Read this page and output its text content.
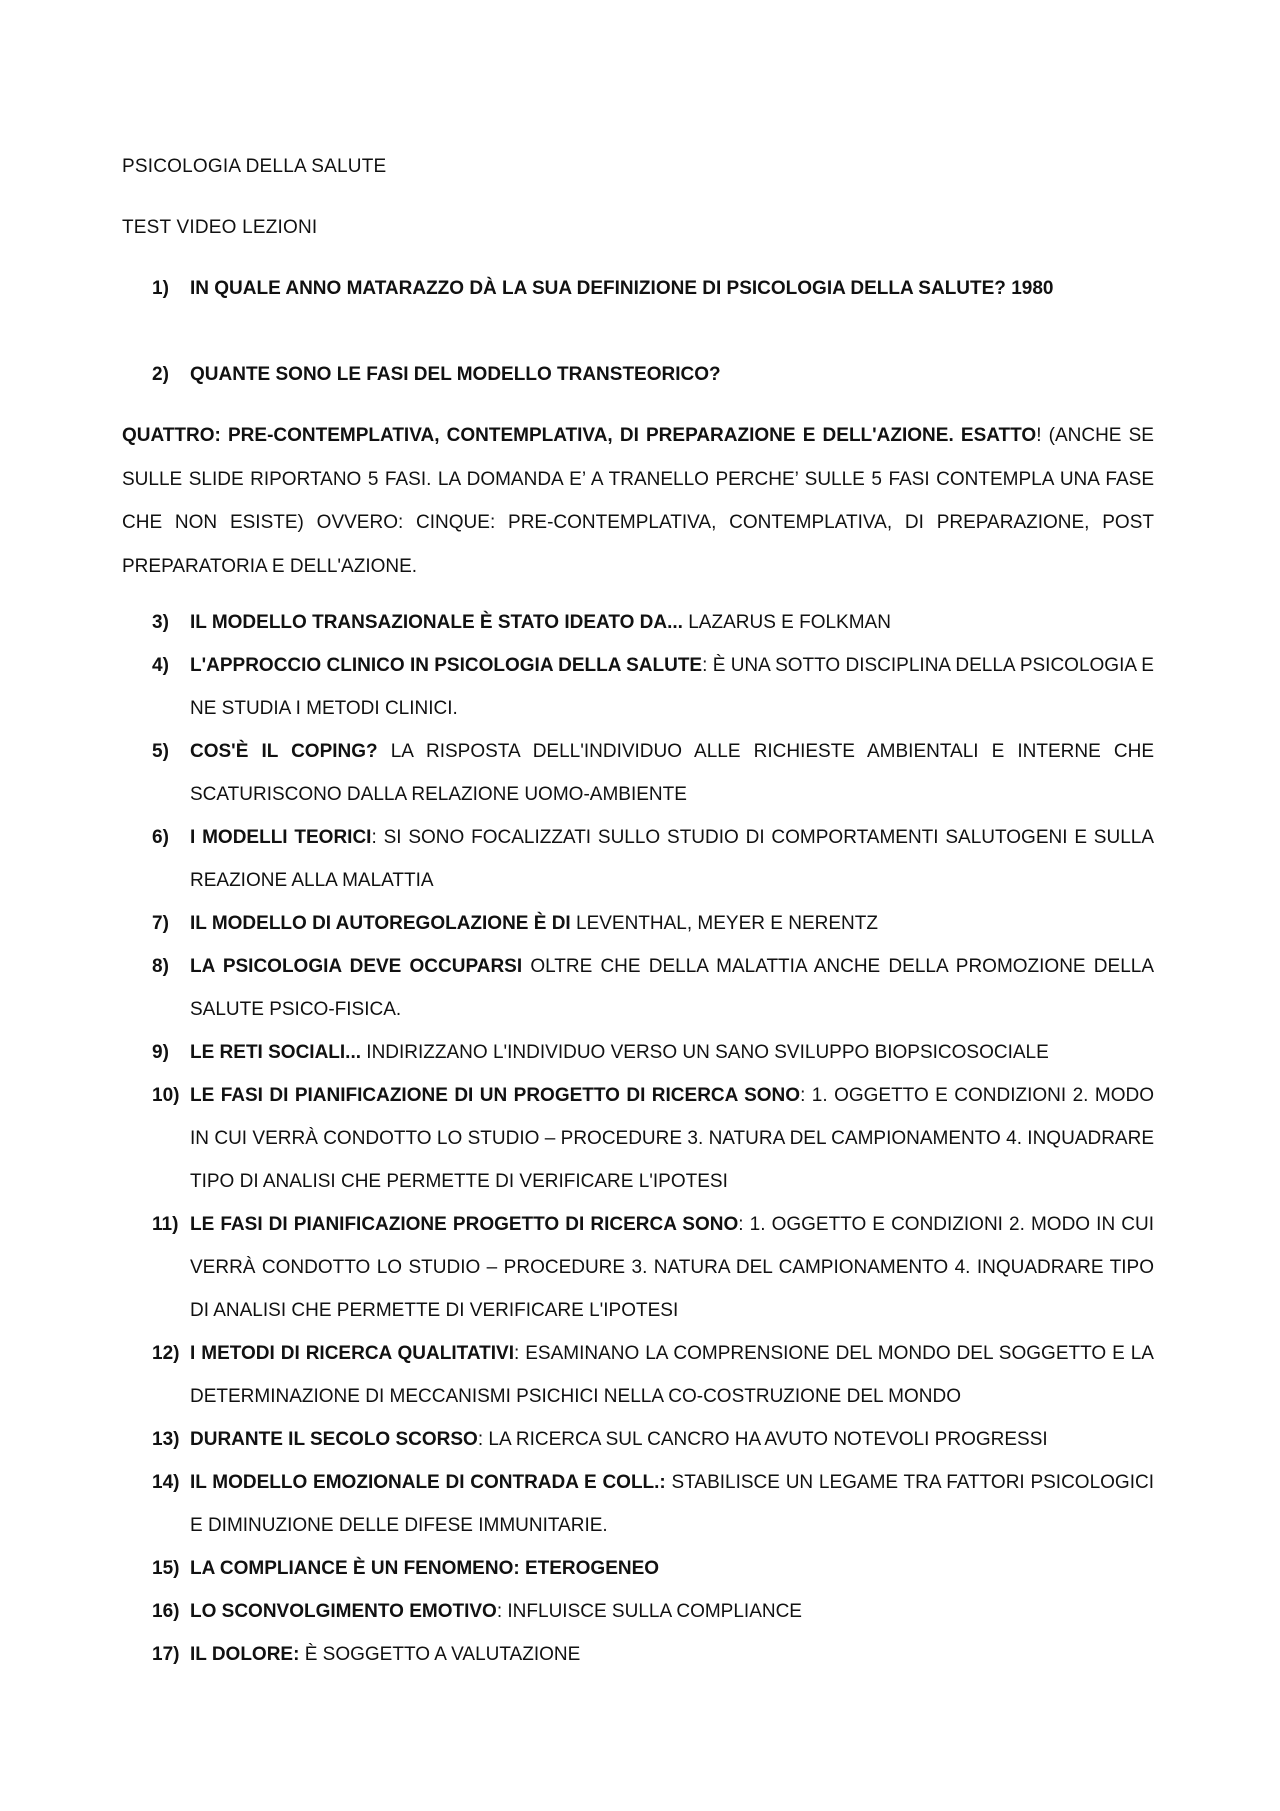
PSICOLOGIA DELLA SALUTE
TEST VIDEO LEZIONI
1) IN QUALE ANNO MATARAZZO DÀ LA SUA DEFINIZIONE DI PSICOLOGIA DELLA SALUTE? 1980
2) QUANTE SONO LE FASI DEL MODELLO TRANSTEORICO?
QUATTRO: PRE-CONTEMPLATIVA, CONTEMPLATIVA, DI PREPARAZIONE E DELL'AZIONE. ESATTO! (ANCHE SE SULLE SLIDE RIPORTANO 5 FASI. LA DOMANDA E’ A TRANELLO PERCHE’ SULLE 5 FASI CONTEMPLA UNA FASE CHE NON ESISTE) OVVERO: CINQUE: PRE-CONTEMPLATIVA, CONTEMPLATIVA, DI PREPARAZIONE, POST PREPARATORIA E DELL'AZIONE.
3) IL MODELLO TRANSAZIONALE È STATO IDEATO DA... LAZARUS E FOLKMAN
4) L'APPROCCIO CLINICO IN PSICOLOGIA DELLA SALUTE: È UNA SOTTO DISCIPLINA DELLA PSICOLOGIA E NE STUDIA I METODI CLINICI.
5) COS'È IL COPING? LA RISPOSTA DELL'INDIVIDUO ALLE RICHIESTE AMBIENTALI E INTERNE CHE SCATURISCONO DALLA RELAZIONE UOMO-AMBIENTE
6) I MODELLI TEORICI: SI SONO FOCALIZZATI SULLO STUDIO DI COMPORTAMENTI SALUTOGENI E SULLA REAZIONE ALLA MALATTIA
7) IL MODELLO DI AUTOREGOLAZIONE È DI LEVENTHAL, MEYER E NERENTZ
8) LA PSICOLOGIA DEVE OCCUPARSI OLTRE CHE DELLA MALATTIA ANCHE DELLA PROMOZIONE DELLA SALUTE PSICO-FISICA.
9) LE RETI SOCIALI... INDIRIZZANO L'INDIVIDUO VERSO UN SANO SVILUPPO BIOPSICOSOCIALE
10) LE FASI DI PIANIFICAZIONE DI UN PROGETTO DI RICERCA SONO: 1. OGGETTO E CONDIZIONI 2. MODO IN CUI VERRÀ CONDOTTO LO STUDIO – PROCEDURE 3. NATURA DEL CAMPIONAMENTO 4. INQUADRARE TIPO DI ANALISI CHE PERMETTE DI VERIFICARE L'IPOTESI
11) LE FASI DI PIANIFICAZIONE PROGETTO DI RICERCA SONO: 1. OGGETTO E CONDIZIONI 2. MODO IN CUI VERRÀ CONDOTTO LO STUDIO – PROCEDURE 3. NATURA DEL CAMPIONAMENTO 4. INQUADRARE TIPO DI ANALISI CHE PERMETTE DI VERIFICARE L'IPOTESI
12) I METODI DI RICERCA QUALITATIVI: ESAMINANO LA COMPRENSIONE DEL MONDO DEL SOGGETTO E LA DETERMINAZIONE DI MECCANISMI PSICHICI NELLA CO-COSTRUZIONE DEL MONDO
13) DURANTE IL SECOLO SCORSO: LA RICERCA SUL CANCRO HA AVUTO NOTEVOLI PROGRESSI
14) IL MODELLO EMOZIONALE DI CONTRADA E COLL.: STABILISCE UN LEGAME TRA FATTORI PSICOLOGICI E DIMINUZIONE DELLE DIFESE IMMUNITARIE.
15) LA COMPLIANCE È UN FENOMENO: ETEROGENEO
16) LO SCONVOLGIMENTO EMOTIVO: INFLUISCE SULLA COMPLIANCE
17) IL DOLORE: È SOGGETTO A VALUTAZIONE
